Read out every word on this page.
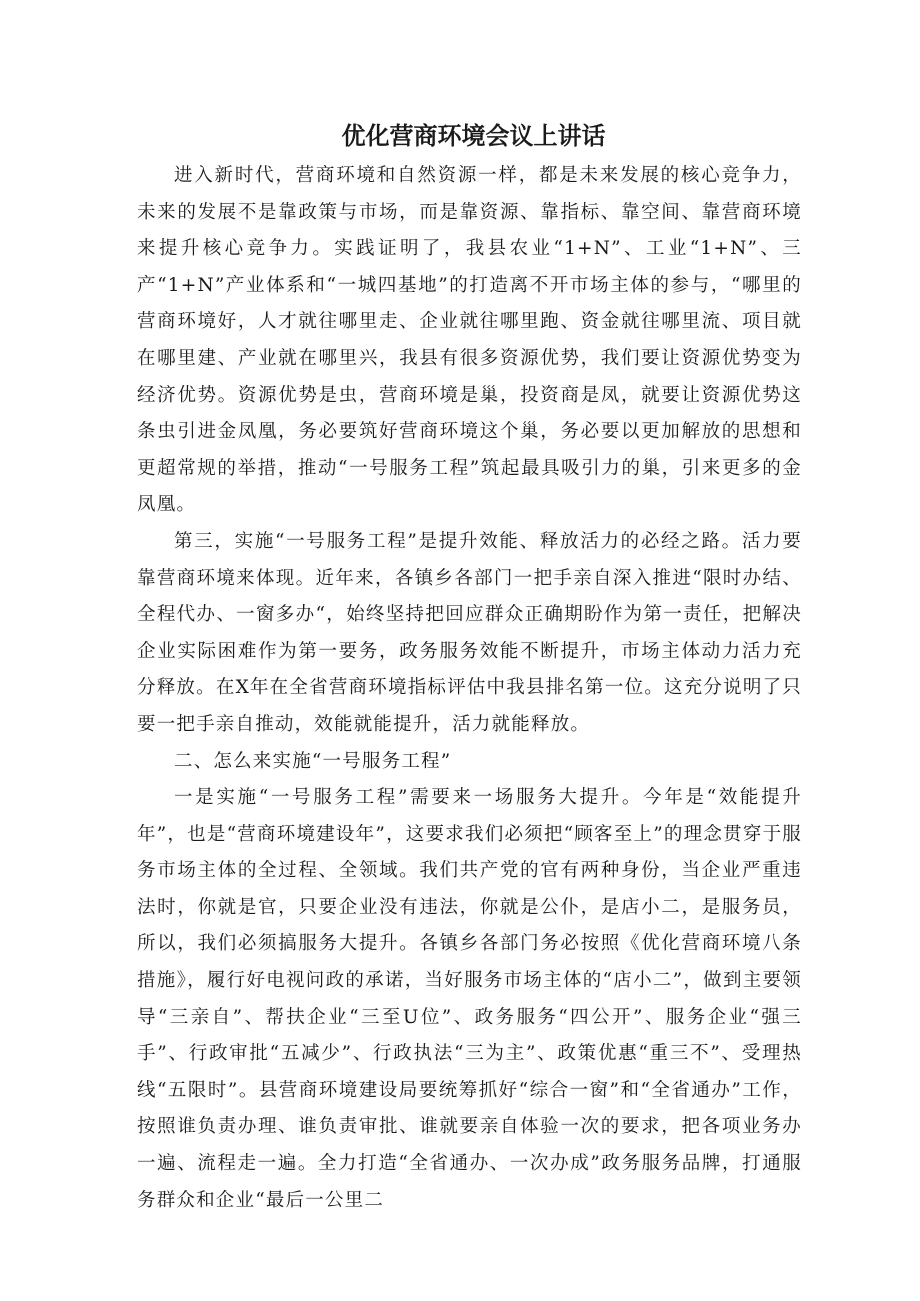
优化营商环境会议上讲话

进入新时代，营商环境和自然资源一样，都是未来发展的核心竞争力，未来的发展不是靠政策与市场，而是靠资源、靠指标、靠空间、靠营商环境来提升核心竞争力。实践证明了，我县农业“1+N”、工业“1+N”、三产“1+N”产业体系和“一城四基地”的打造离不开市场主体的参与，“哪里的营商环境好，人才就往哪里走、企业就往哪里跑、资金就往哪里流、项目就在哪里建、产业就在哪里兴，我县有很多资源优势，我们要让资源优势变为经济优势。资源优势是虫，营商环境是巢，投资商是凤，就要让资源优势这条虫引进金凤凰，务必要筑好营商环境这个巢，务必要以更加解放的思想和更超常规的举措，推动“一号服务工程”筑起最具吸引力的巢，引来更多的金凤凰。

第三，实施“一号服务工程”是提升效能、释放活力的必经之路。活力要靠营商环境来体现。近年来，各镇乡各部门一把手亲自深入推进“限时办结、全程代办、一窗多办“，始终坚持把回应群众正确期盼作为第一责任，把解决企业实际困难作为第一要务，政务服务效能不断提升，市场主体动力活力充分释放。在X年在全省营商环境指标评估中我县排名第一位。这充分说明了只要一把手亲自推动，效能就能提升，活力就能释放。

二、怎么来实施“一号服务工程”

一是实施“一号服务工程”需要来一场服务大提升。今年是“效能提升年”，也是“营商环境建设年”，这要求我们必须把“顾客至上”的理念贯穿于服务市场主体的全过程、全领域。我们共产党的官有两种身份，当企业严重违法时，你就是官，只要企业没有违法，你就是公仆，是店小二，是服务员，所以，我们必须搞服务大提升。各镇乡各部门务必按照《优化营商环境八条措施》，履行好电视问政的承诺，当好服务市场主体的“店小二”，做到主要领导“三亲自”、帮扶企业“三至U位”、政务服务“四公开”、服务企业“强三手”、行政审批“五减少”、行政执法“三为主”、政策优惠“重三不”、受理热线“五限时”。县营商环境建设局要统筹抓好“综合一窗”和“全省通办”工作，按照谁负责办理、谁负责审批、谁就要亲自体验一次的要求，把各项业务办一遍、流程走一遍。全力打造“全省通办、一次办成”政务服务品牌，打通服务群众和企业“最后一公里二
